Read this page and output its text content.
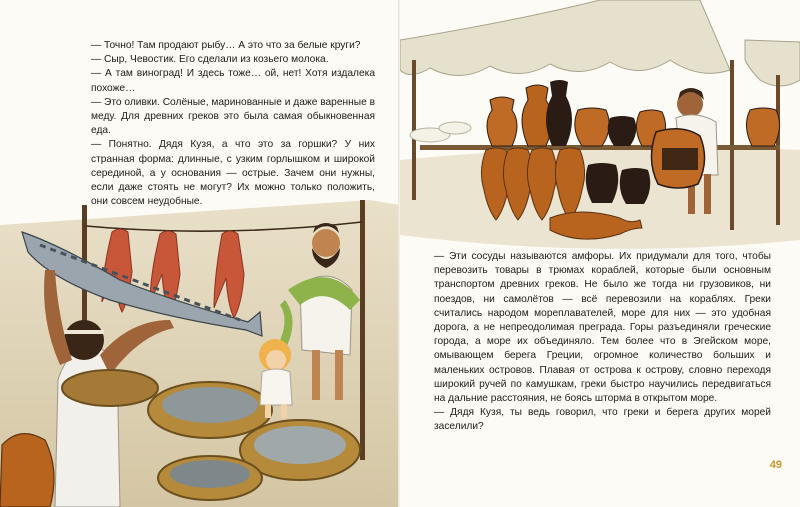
— Точно! Там продают рыбу… А это что за белые круги?

— Сыр, Чевостик. Его сделали из козьего молока.

— А там виноград! И здесь тоже… ой, нет! Хотя издалека похоже…

— Это оливки. Солёные, маринованные и даже варенные в меду. Для древних греков это была самая обыкновенная еда.

— Понятно. Дядя Кузя, а что это за горшки? У них странная форма: длинные, с узким горлышком и широкой серединой, а у основания — острые. Зачем они нужны, если даже стоять не могут? Их можно только положить, они совсем неудобные.

— Эти сосуды называются амфоры. Их придумали для того, чтобы перевозить товары в трюмах кораблей, которые были основным транспортом древних греков. Не было же тогда ни грузовиков, ни поездов, ни самолётов — всё перевозили на кораблях. Греки считались народом мореплавателей, море для них — это удобная дорога, а не непреодолимая преграда. Горы разъединяли греческие города, а море их объединяло. Тем более что в Эгейском море, омывающем берега Греции, огромное количество больших и маленьких островов. Плавая от острова к острову, словно переходя широкий ручей по камушкам, греки быстро научились передвигаться на дальние расстояния, не боясь шторма в открытом море.

— Дядя Кузя, ты ведь говорил, что греки и берега других морей заселили?

49
